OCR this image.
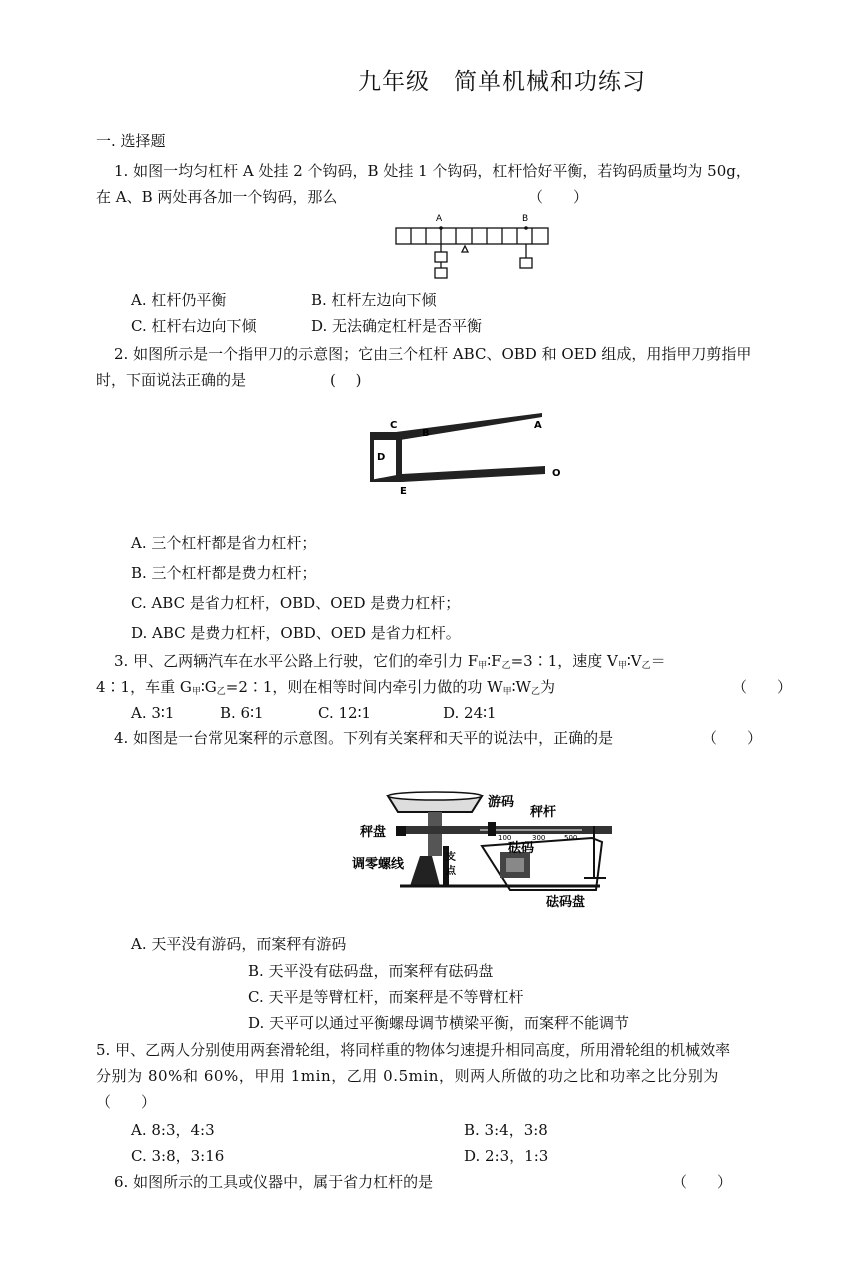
九年级　简单机械和功练习
一. 选择题
1. 如图一均匀杠杆 A 处挂 2 个钩码，B 处挂 1 个钩码，杠杆恰好平衡，若钩码质量均为 50g，
在 A、B 两处再各加一个钩码，那么	（　　）
A	B
A. 杠杆仍平衡	B. 杠杆左边向下倾
C. 杠杆右边向下倾	D. 无法确定杠杆是否平衡
2. 如图所示是一个指甲刀的示意图；它由三个杠杆 ABC、OBD 和 OED 组成，用指甲刀剪指甲
时，下面说法正确的是	(　 )
C
B
A
D
E
O
A. 三个杠杆都是省力杠杆；
B. 三个杠杆都是费力杠杆；
C. ABC 是省力杠杆，OBD、OED 是费力杠杆；
D. ABC 是费力杠杆，OBD、OED 是省力杠杆。
3. 甲、乙两辆汽车在水平公路上行驶，它们的牵引力 $F_甲∶F_乙=3∶1$，速度 $V_甲∶V_乙=$
4∶1，车重 $G_甲∶G_乙=2∶1$，则在相等时间内牵引力做的功 $W_甲∶W_乙$为	（　　）
A. 3∶1	B. 6∶1	C. 12∶1	D. 24∶1
4. 如图是一台常见案秤的示意图。下列有关案秤和天平的说法中，正确的是	（　　）
游码
秤杆
秤盘
调零螺线
砝码
砝码盘
支
点
100	300	500
A. 天平没有游码，而案秤有游码
B. 天平没有砝码盘，而案秤有砝码盘
C. 天平是等臂杠杆，而案秤是不等臂杠杆
D. 天平可以通过平衡螺母调节横梁平衡，而案秤不能调节
5. 甲、乙两人分别使用两套滑轮组，将同样重的物体匀速提升相同高度，所用滑轮组的机械效率
分别为 80%和 60%，甲用 1min，乙用 0.5min，则两人所做的功之比和功率之比分别为
（　　）
A. 8:3，4:3	B. 3:4，3:8
C. 3:8，3:16	D. 2:3，1:3
6. 如图所示的工具或仪器中，属于省力杠杆的是	（　　）
